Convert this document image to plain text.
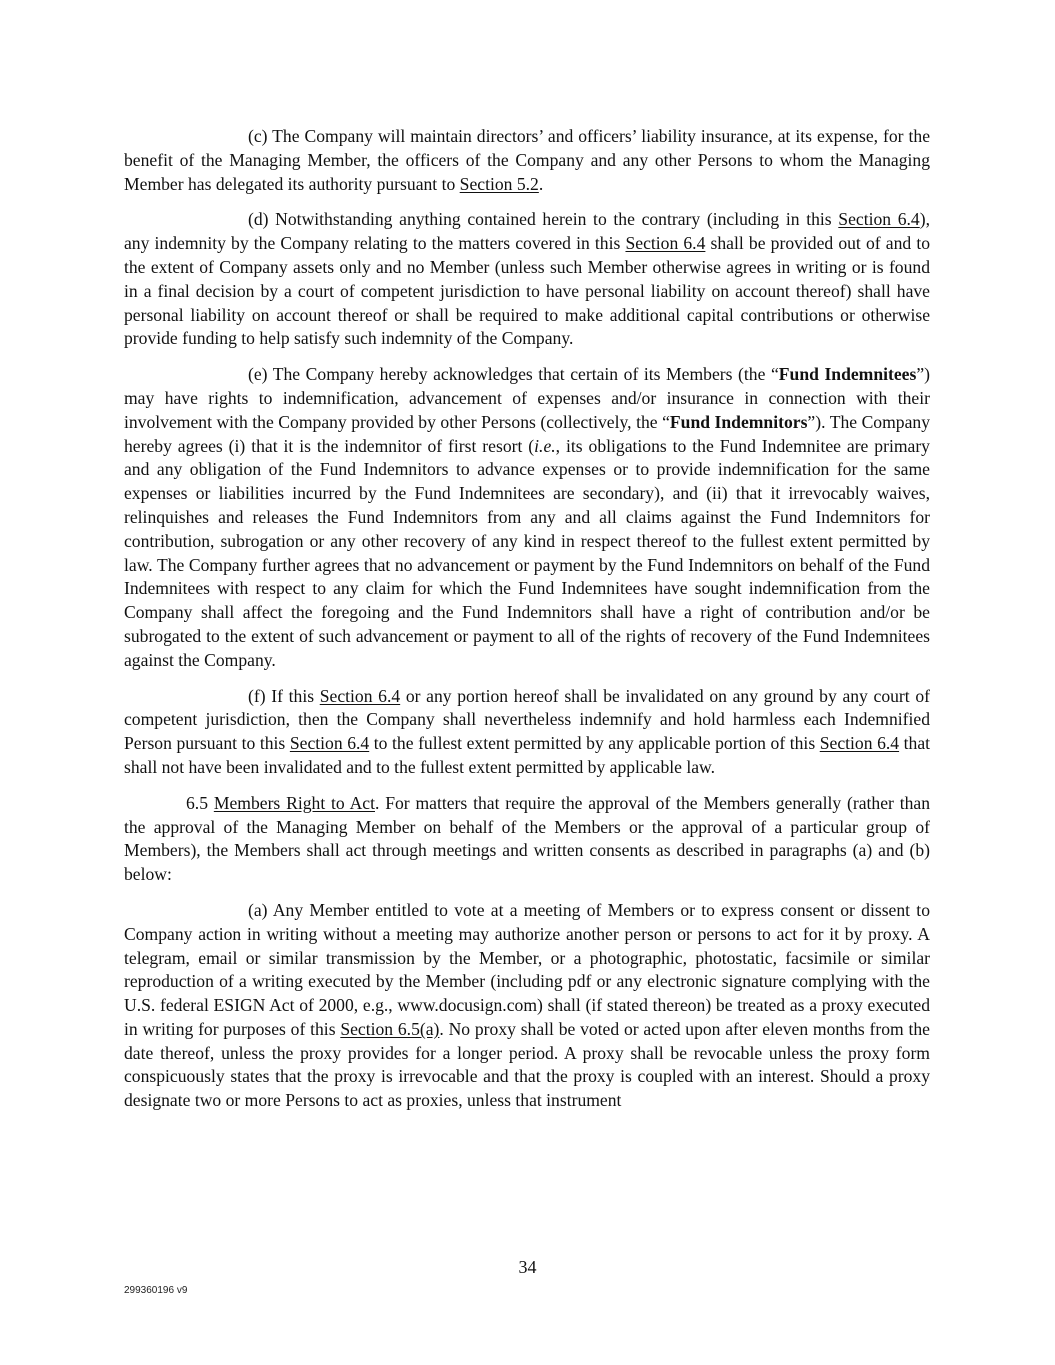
(c) The Company will maintain directors’ and officers’ liability insurance, at its expense, for the benefit of the Managing Member, the officers of the Company and any other Persons to whom the Managing Member has delegated its authority pursuant to Section 5.2.

(d) Notwithstanding anything contained herein to the contrary (including in this Section 6.4), any indemnity by the Company relating to the matters covered in this Section 6.4 shall be provided out of and to the extent of Company assets only and no Member (unless such Member otherwise agrees in writing or is found in a final decision by a court of competent jurisdiction to have personal liability on account thereof) shall have personal liability on account thereof or shall be required to make additional capital contributions or otherwise provide funding to help satisfy such indemnity of the Company.

(e) The Company hereby acknowledges that certain of its Members (the “Fund Indemnitees”) may have rights to indemnification, advancement of expenses and/or insurance in connection with their involvement with the Company provided by other Persons (collectively, the “Fund Indemnitors”). The Company hereby agrees (i) that it is the indemnitor of first resort (i.e., its obligations to the Fund Indemnitee are primary and any obligation of the Fund Indemnitors to advance expenses or to provide indemnification for the same expenses or liabilities incurred by the Fund Indemnitees are secondary), and (ii) that it irrevocably waives, relinquishes and releases the Fund Indemnitors from any and all claims against the Fund Indemnitors for contribution, subrogation or any other recovery of any kind in respect thereof to the fullest extent permitted by law. The Company further agrees that no advancement or payment by the Fund Indemnitors on behalf of the Fund Indemnitees with respect to any claim for which the Fund Indemnitees have sought indemnification from the Company shall affect the foregoing and the Fund Indemnitors shall have a right of contribution and/or be subrogated to the extent of such advancement or payment to all of the rights of recovery of the Fund Indemnitees against the Company.

(f) If this Section 6.4 or any portion hereof shall be invalidated on any ground by any court of competent jurisdiction, then the Company shall nevertheless indemnify and hold harmless each Indemnified Person pursuant to this Section 6.4 to the fullest extent permitted by any applicable portion of this Section 6.4 that shall not have been invalidated and to the fullest extent permitted by applicable law.

6.5 Members Right to Act. For matters that require the approval of the Members generally (rather than the approval of the Managing Member on behalf of the Members or the approval of a particular group of Members), the Members shall act through meetings and written consents as described in paragraphs (a) and (b) below:

(a) Any Member entitled to vote at a meeting of Members or to express consent or dissent to Company action in writing without a meeting may authorize another person or persons to act for it by proxy. A telegram, email or similar transmission by the Member, or a photographic, photostatic, facsimile or similar reproduction of a writing executed by the Member (including pdf or any electronic signature complying with the U.S. federal ESIGN Act of 2000, e.g., www.docusign.com) shall (if stated thereon) be treated as a proxy executed in writing for purposes of this Section 6.5(a). No proxy shall be voted or acted upon after eleven months from the date thereof, unless the proxy provides for a longer period. A proxy shall be revocable unless the proxy form conspicuously states that the proxy is irrevocable and that the proxy is coupled with an interest. Should a proxy designate two or more Persons to act as proxies, unless that instrument

34
299360196 v9
